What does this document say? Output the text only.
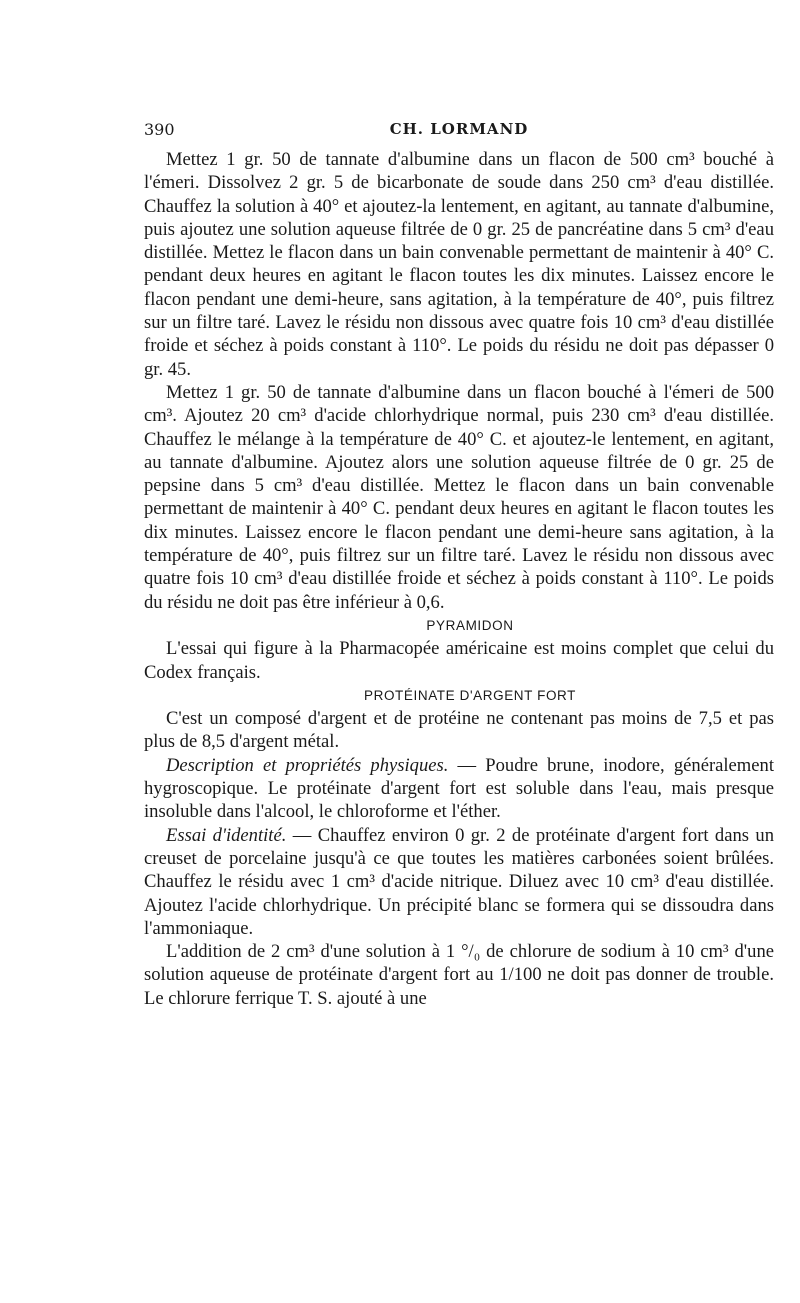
390	CH. LORMAND

Mettez 1 gr. 50 de tannate d'albumine dans un flacon de 500 cm³ bouché à l'émeri. Dissolvez 2 gr. 5 de bicarbonate de soude dans 250 cm³ d'eau distillée. Chauffez la solution à 40° et ajoutez-la lentement, en agitant, au tannate d'albumine, puis ajoutez une solution aqueuse filtrée de 0 gr. 25 de pancréatine dans 5 cm³ d'eau distillée. Mettez le flacon dans un bain convenable permettant de maintenir à 40° C. pendant deux heures en agitant le flacon toutes les dix minutes. Laissez encore le flacon pendant une demi-heure, sans agitation, à la température de 40°, puis filtrez sur un filtre taré. Lavez le résidu non dissous avec quatre fois 10 cm³ d'eau distillée froide et séchez à poids constant à 110°. Le poids du résidu ne doit pas dépasser 0 gr. 45.

Mettez 1 gr. 50 de tannate d'albumine dans un flacon bouché à l'émeri de 500 cm³. Ajoutez 20 cm³ d'acide chlorhydrique normal, puis 230 cm³ d'eau distillée. Chauffez le mélange à la température de 40° C. et ajoutez-le lentement, en agitant, au tannate d'albumine. Ajoutez alors une solution aqueuse filtrée de 0 gr. 25 de pepsine dans 5 cm³ d'eau distillée. Mettez le flacon dans un bain convenable permettant de maintenir à 40° C. pendant deux heures en agitant le flacon toutes les dix minutes. Laissez encore le flacon pendant une demi-heure sans agitation, à la température de 40°, puis filtrez sur un filtre taré. Lavez le résidu non dissous avec quatre fois 10 cm³ d'eau distillée froide et séchez à poids constant à 110°. Le poids du résidu ne doit pas être inférieur à 0,6.

PYRAMIDON

L'essai qui figure à la Pharmacopée américaine est moins complet que celui du Codex français.

PROTÉINATE D'ARGENT FORT

C'est un composé d'argent et de protéine ne contenant pas moins de 7,5 et pas plus de 8,5 d'argent métal.

Description et propriétés physiques. — Poudre brune, inodore, généralement hygroscopique. Le protéinate d'argent fort est soluble dans l'eau, mais presque insoluble dans l'alcool, le chloroforme et l'éther.

Essai d'identité. — Chauffez environ 0 gr. 2 de protéinate d'argent fort dans un creuset de porcelaine jusqu'à ce que toutes les matières carbonées soient brûlées. Chauffez le résidu avec 1 cm³ d'acide nitrique. Diluez avec 10 cm³ d'eau distillée. Ajoutez l'acide chlorhydrique. Un précipité blanc se formera qui se dissoudra dans l'ammoniaque.

L'addition de 2 cm³ d'une solution à 1 °/₀ de chlorure de sodium à 10 cm³ d'une solution aqueuse de protéinate d'argent fort au 1/100 ne doit pas donner de trouble. Le chlorure ferrique T. S. ajouté à une
